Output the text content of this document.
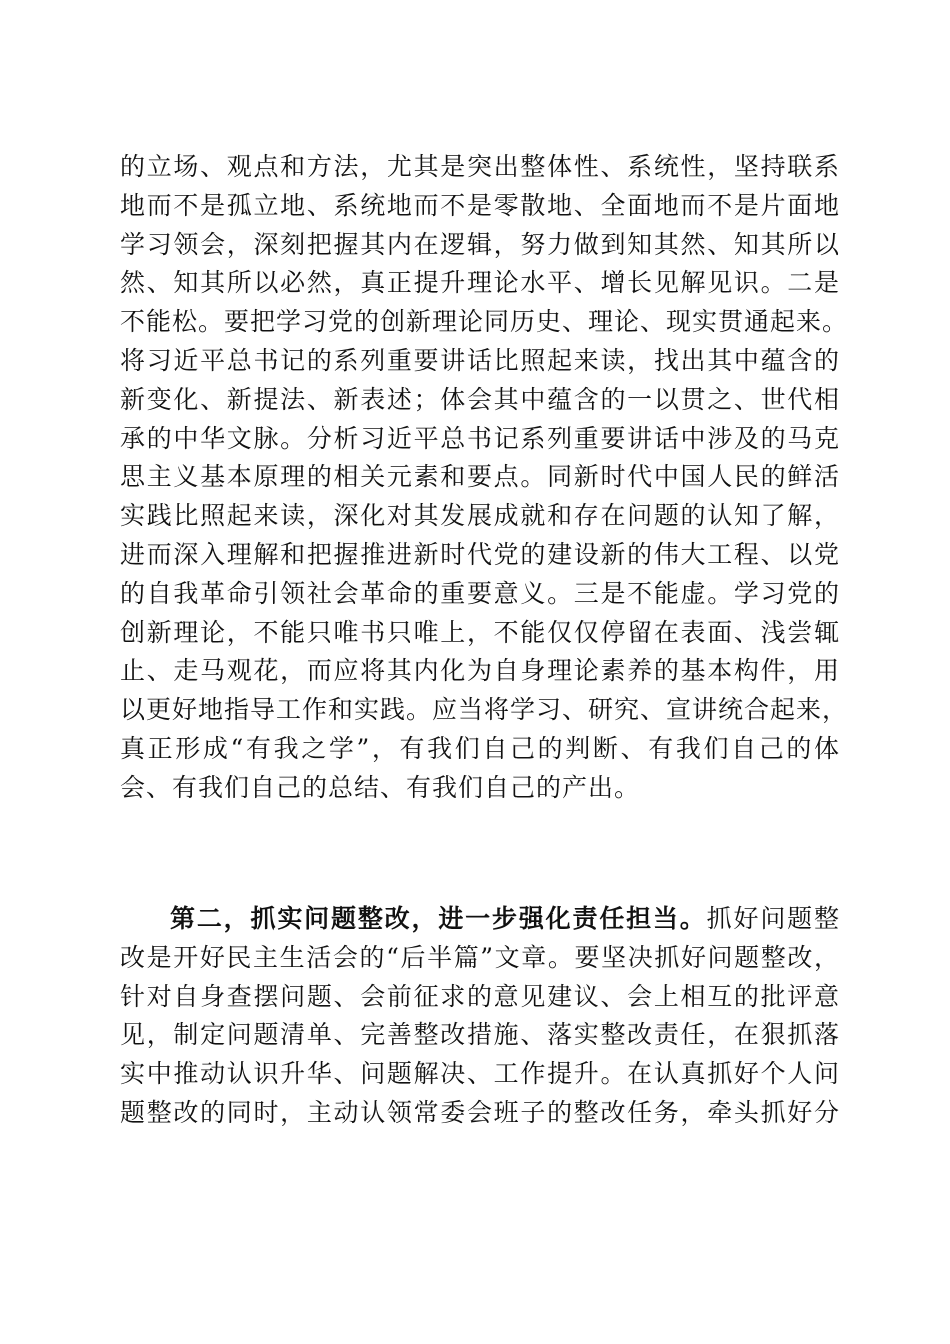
的立场、观点和方法，尤其是突出整体性、系统性，坚持联系
地而不是孤立地、系统地而不是零散地、全面地而不是片面地
学习领会，深刻把握其内在逻辑，努力做到知其然、知其所以
然、知其所以必然，真正提升理论水平、增长见解见识。二是
不能松。要把学习党的创新理论同历史、理论、现实贯通起来。
将习近平总书记的系列重要讲话比照起来读，找出其中蕴含的
新变化、新提法、新表述；体会其中蕴含的一以贯之、世代相
承的中华文脉。分析习近平总书记系列重要讲话中涉及的马克
思主义基本原理的相关元素和要点。同新时代中国人民的鲜活
实践比照起来读，深化对其发展成就和存在问题的认知了解，
进而深入理解和把握推进新时代党的建设新的伟大工程、以党
的自我革命引领社会革命的重要意义。三是不能虚。学习党的
创新理论，不能只唯书只唯上，不能仅仅停留在表面、浅尝辄
止、走马观花，而应将其内化为自身理论素养的基本构件，用
以更好地指导工作和实践。应当将学习、研究、宣讲统合起来，
真正形成“有我之学”，有我们自己的判断、有我们自己的体
会、有我们自己的总结、有我们自己的产出。
第二，抓实问题整改，进一步强化责任担当。抓好问题整
改是开好民主生活会的“后半篇”文章。要坚决抓好问题整改，
针对自身查摆问题、会前征求的意见建议、会上相互的批评意
见，制定问题清单、完善整改措施、落实整改责任，在狠抓落
实中推动认识升华、问题解决、工作提升。在认真抓好个人问
题整改的同时，主动认领常委会班子的整改任务，牵头抓好分
